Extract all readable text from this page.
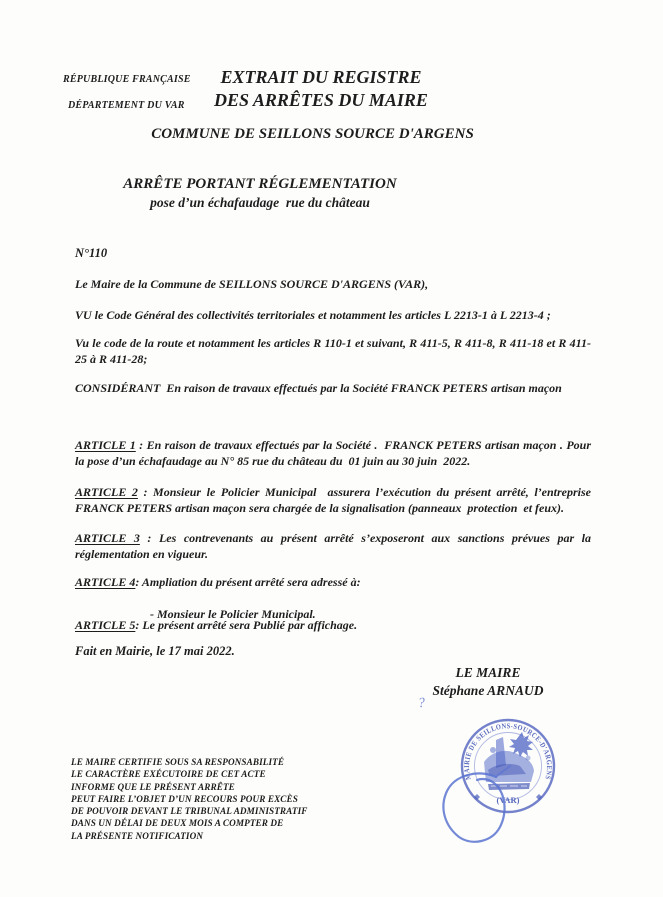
RÉPUBLIQUE FRANÇAISE
DÉPARTEMENT DU VAR
EXTRAIT DU REGISTRE
DES ARRÊTES DU MAIRE
COMMUNE DE SEILLONS SOURCE D'ARGENS
ARRÊTE PORTANT RÉGLEMENTATION
pose d’un échafaudage  rue du château
N°110

Le Maire de la Commune de SEILLONS SOURCE D'ARGENS (VAR),

VU le Code Général des collectivités territoriales et notamment les articles L 2213-1 à L 2213-4 ;

Vu le code de la route et notamment les articles R 110-1 et suivant, R 411-5, R 411-8, R 411-18 et R 411-25 à R 411-28;

CONSIDÉRANT  En raison de travaux effectués par la Société FRANCK PETERS artisan maçon

ARTICLE 1 : En raison de travaux effectués par la Société .  FRANCK PETERS artisan maçon . Pour la pose d’un échafaudage au N° 85 rue du château du  01 juin au 30 juin  2022.

ARTICLE 2 : Monsieur le Policier Municipal  assurera l’exécution du présent arrêté, l’entreprise FRANCK PETERS artisan maçon sera chargée de la signalisation (panneaux  protection  et feux).

ARTICLE 3 : Les contrevenants au présent arrêté s’exposeront aux sanctions prévues par la réglementation en vigueur.

ARTICLE 4: Ampliation du présent arrêté sera adressé à:

- Monsieur le Policier Municipal.

ARTICLE 5: Le présent arrêté sera Publié par affichage.

Fait en Mairie, le 17 mai 2022.
LE MAIRE
Stéphane ARNAUD
?
MAIRIE DE SEILLONS-SOURCE-D'ARGENS
(VAR)
LE MAIRE CERTIFIE SOUS SA RESPONSABILITÉ
LE CARACTÈRE EXÉCUTOIRE DE CET ACTE
INFORME QUE LE PRÉSENT ARRÊTE
PEUT FAIRE L’OBJET D’UN RECOURS POUR EXCÈS
DE POUVOIR DEVANT LE TRIBUNAL ADMINISTRATIF
DANS UN DÉLAI DE DEUX MOIS A COMPTER DE
LA PRÉSENTE NOTIFICATION
